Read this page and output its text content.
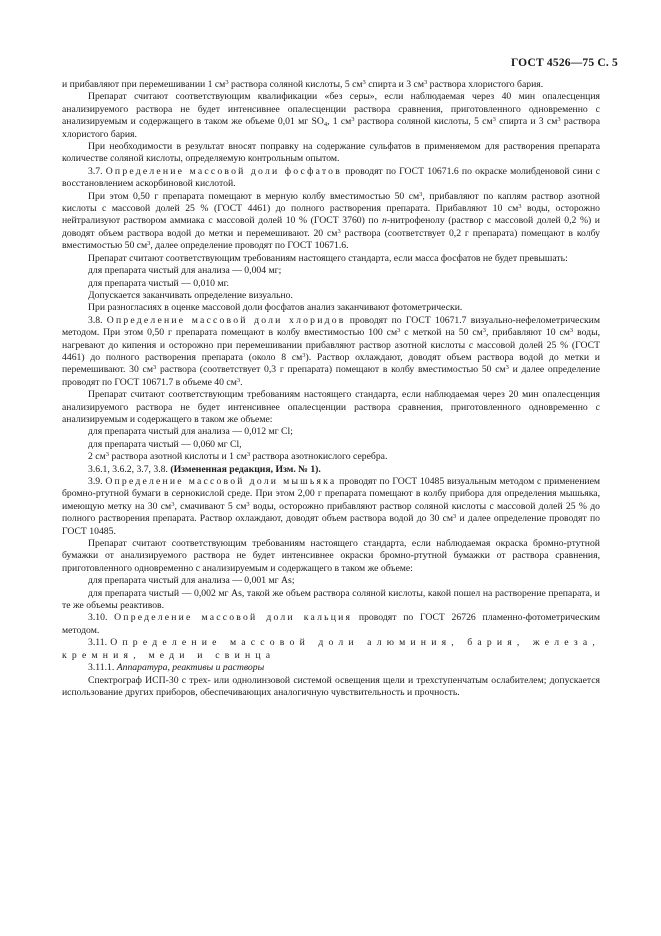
ГОСТ 4526—75 С. 5

и прибавляют при перемешивании 1 $см^3$ раствора соляной кислоты, 5 $см^3$ спирта и 3 $см^3$ раствора хлористого бария.

Препарат считают соответствующим квалификации «без серы», если наблюдаемая через 40 мин опалесценция анализируемого раствора не будет интенсивнее опалесценции раствора сравнения, приготовленного одновременно с анализируемым и содержащего в таком же объеме 0,01 мг $SO_4$, 1 $см^3$ раствора соляной кислоты, 5 $см^3$ спирта и 3 $см^3$ раствора хлористого бария.

При необходимости в результат вносят поправку на содержание сульфатов в применяемом для растворения препарата количестве соляной кислоты, определяемую контрольным опытом.

3.7. Определение массовой доли фосфатов проводят по ГОСТ 10671.6 по окраске молибденовой сини с восстановлением аскорбиновой кислотой.

При этом 0,50 г препарата помещают в мерную колбу вместимостью 50 $см^3$, прибавляют по каплям раствор азотной кислоты с массовой долей 25 % (ГОСТ 4461) до полного растворения препарата. Прибавляют 10 $см^3$ воды, осторожно нейтрализуют раствором аммиака с массовой долей 10 % (ГОСТ 3760) по п-нитрофенолу (раствор с массовой долей 0,2 %) и доводят объем раствора водой до метки и перемешивают. 20 $см^3$ раствора (соответствует 0,2 г препарата) помещают в колбу вместимостью 50 $см^3$, далее определение проводят по ГОСТ 10671.6.

Препарат считают соответствующим требованиям настоящего стандарта, если масса фосфатов не будет превышать:

для препарата чистый для анализа — 0,004 мг;

для препарата чистый — 0,010 мг.

Допускается заканчивать определение визуально.

При разногласиях в оценке массовой доли фосфатов анализ заканчивают фотометрически.

3.8. Определение массовой доли хлоридов проводят по ГОСТ 10671.7 визуально-нефелометрическим методом. При этом 0,50 г препарата помещают в колбу вместимостью 100 $см^3$ с меткой на 50 $см^3$, прибавляют 10 $см^3$ воды, нагревают до кипения и осторожно при перемешивании прибавляют раствор азотной кислоты с массовой долей 25 % (ГОСТ 4461) до полного растворения препарата (около 8 $см^3$). Раствор охлаждают, доводят объем раствора водой до метки и перемешивают. 30 $см^3$ раствора (соответствует 0,3 г препарата) помещают в колбу вместимостью 50 $см^3$ и далее определение проводят по ГОСТ 10671.7 в объеме 40 $см^3$.

Препарат считают соответствующим требованиям настоящего стандарта, если наблюдаемая через 20 мин опалесценция анализируемого раствора не будет интенсивнее опалесценции раствора сравнения, приготовленного одновременно с анализируемым и содержащего в таком же объеме:

для препарата чистый для анализа — 0,012 мг Cl;

для препарата чистый — 0,060 мг Cl,

2 $см^3$ раствора азотной кислоты и 1 $см^3$ раствора азотнокислого серебра.

3.6.1, 3.6.2, 3.7, 3.8. (Измененная редакция, Изм. № 1).

3.9. Определение массовой доли мышьяка проводят по ГОСТ 10485 визуальным методом с применением бромно-ртутной бумаги в сернокислой среде. При этом 2,00 г препарата помещают в колбу прибора для определения мышьяка, имеющую метку на 30 $см^3$, смачивают 5 $см^3$ воды, осторожно прибавляют раствор соляной кислоты с массовой долей 25 % до полного растворения препарата. Раствор охлаждают, доводят объем раствора водой до 30 $см^3$ и далее определение проводят по ГОСТ 10485.

Препарат считают соответствующим требованиям настоящего стандарта, если наблюдаемая окраска бромно-ртутной бумажки от анализируемого раствора не будет интенсивнее окраски бромно-ртутной бумажки от раствора сравнения, приготовленного одновременно с анализируемым и содержащего в таком же объеме:

для препарата чистый для анализа — 0,001 мг As;

для препарата чистый — 0,002 мг As, такой же объем раствора соляной кислоты, какой пошел на растворение препарата, и те же объемы реактивов.

3.10. Определение массовой доли кальция проводят по ГОСТ 26726 пламенно-фотометрическим методом.

3.11. Определение массовой доли алюминия, бария, железа, кремния, меди и свинца

3.11.1. Аппаратура, реактивы и растворы

Спектрограф ИСП-30 с трех- или однолинзовой системой освещения щели и трехступенчатым ослабителем; допускается использование других приборов, обеспечивающих аналогичную чувствительность и прочность.
